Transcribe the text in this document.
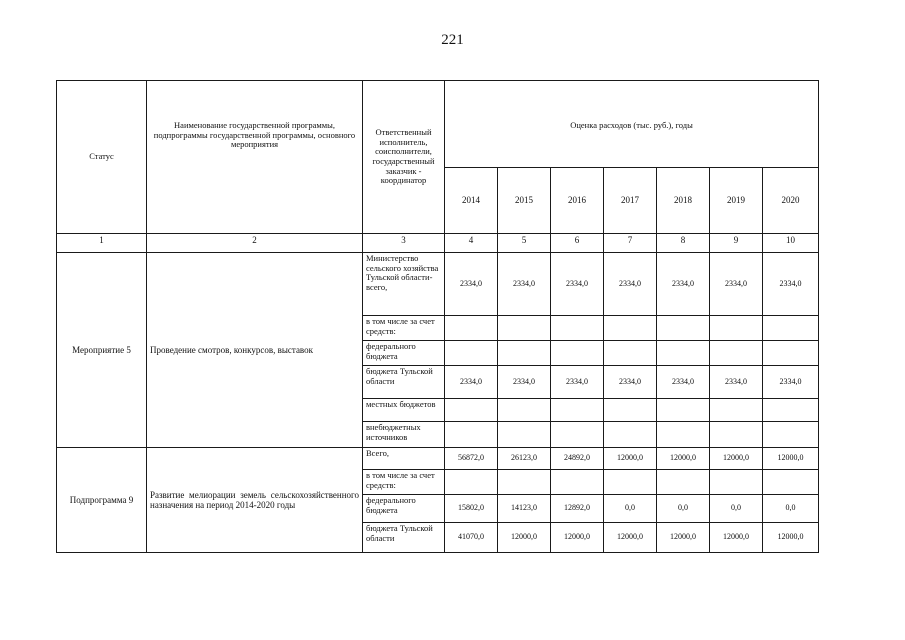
221
Статус	Наименование государственной программы, подпрограммы государственной программы, основного мероприятия	Ответственный исполнитель, соисполнители, государственный заказчик - координатор	Оценка расходов (тыс. руб.), годы						
			2014	2015	2016	2017	2018	2019	2020
1	2	3	4	5	6	7	8	9	10
Мероприятие 5	Проведение смотров, конкурсов, выставок	Министерство сельского хозяйства Тульской области- всего,	2334,0	2334,0	2334,0	2334,0	2334,0	2334,0	2334,0
		в том числе за счет средств:							
		федерального бюджета							
		бюджета Тульской области	2334,0	2334,0	2334,0	2334,0	2334,0	2334,0	2334,0
		местных бюджетов							
		внебюджетных источников							
Подпрограмма 9	Развитие мелиорации земель сельскохозяйственного назначения на период 2014-2020 годы	Всего,	56872,0	26123,0	24892,0	12000,0	12000,0	12000,0	12000,0
		в том числе за счет средств:							
		федерального бюджета	15802,0	14123,0	12892,0	0,0	0,0	0,0	0,0
		бюджета Тульской области	41070,0	12000,0	12000,0	12000,0	12000,0	12000,0	12000,0
